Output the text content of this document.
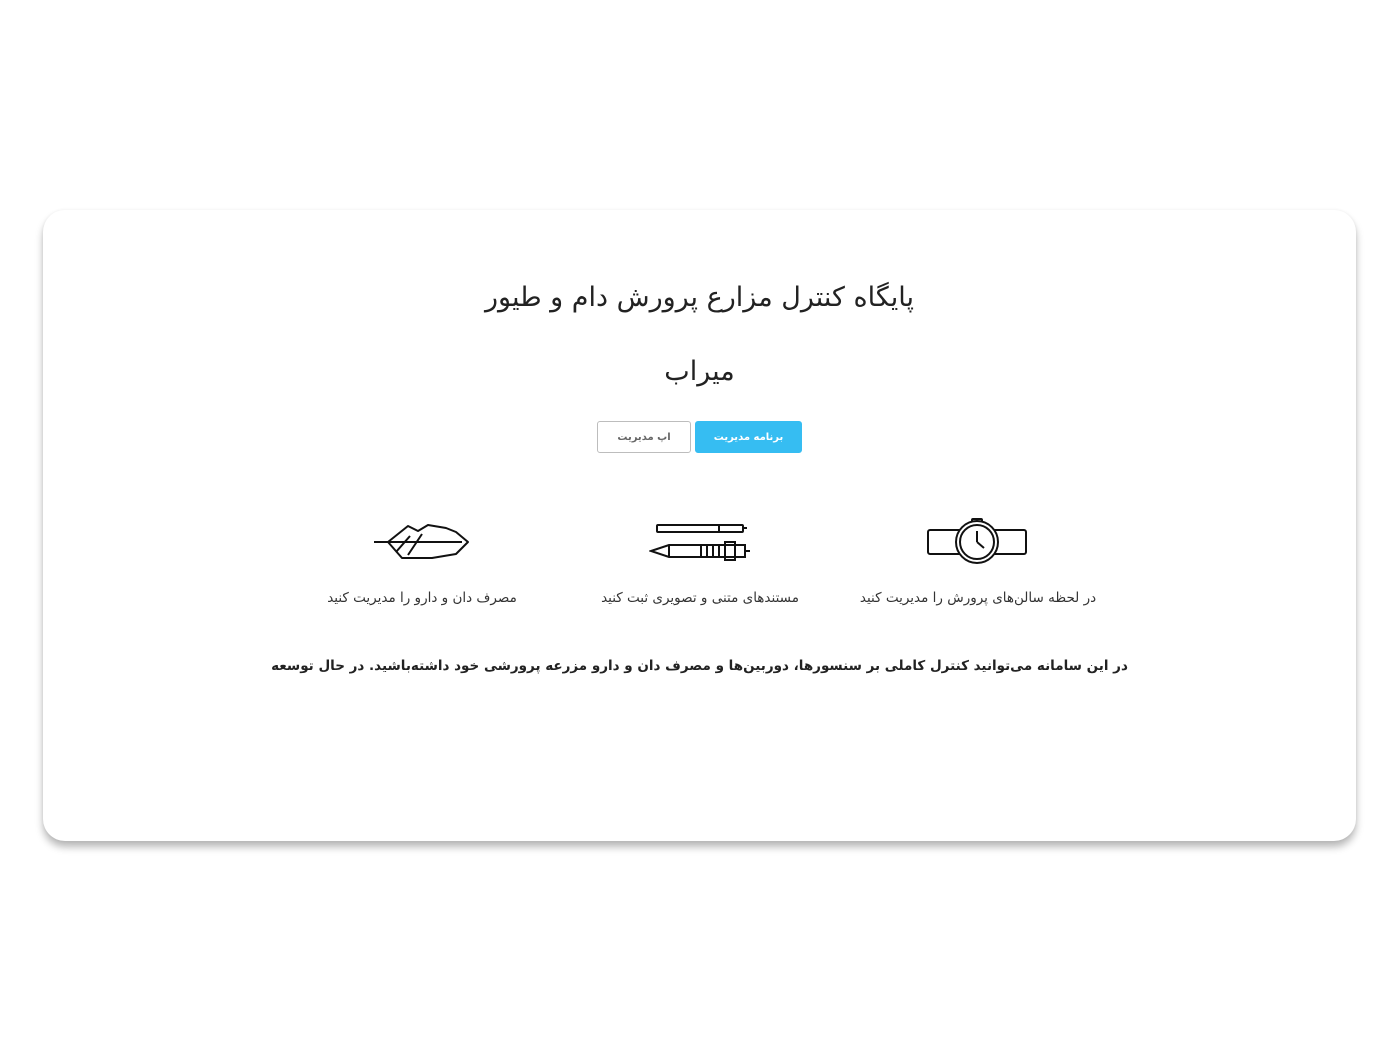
پایگاه کنترل مزارع پرورش دام و طیور
میراب
برنامه مدیریت
اپ مدیریت
در لحظه سالن‌های پرورش را مدیریت کنید
مستندهای متنی و تصویری ثبت کنید
مصرف دان و دارو را مدیریت کنید
در این سامانه می‌توانید کنترل کاملی بر سنسورها، دوربین‌ها و مصرف دان و دارو مزرعه پرورشی خود داشته‌باشید. در حال توسعه
